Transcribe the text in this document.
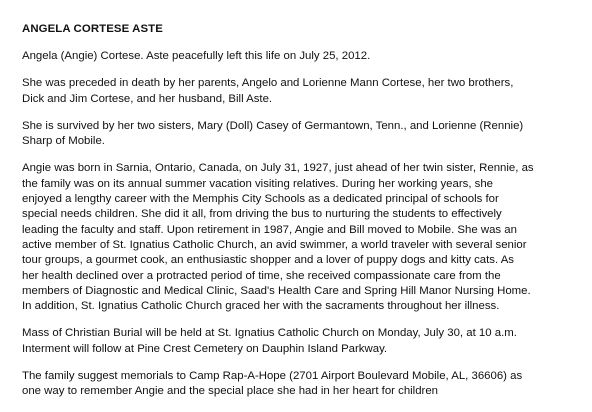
ANGELA CORTESE ASTE

Angela (Angie) Cortese. Aste peacefully left this life on July 25, 2012.

She was preceded in death by her parents, Angelo and Lorienne Mann Cortese, her two brothers,
Dick and Jim Cortese, and her husband, Bill Aste.

She is survived by her two sisters, Mary (Doll) Casey of Germantown, Tenn., and Lorienne (Rennie)
Sharp of Mobile.

Angie was born in Sarnia, Ontario, Canada, on July 31, 1927, just ahead of her twin sister, Rennie, as
the family was on its annual summer vacation visiting relatives. During her working years, she
enjoyed a lengthy career with the Memphis City Schools as a dedicated principal of schools for
special needs children. She did it all, from driving the bus to nurturing the students to effectively
leading the faculty and staff. Upon retirement in 1987, Angie and Bill moved to Mobile. She was an
active member of St. Ignatius Catholic Church, an avid swimmer, a world traveler with several senior
tour groups, a gourmet cook, an enthusiastic shopper and a lover of puppy dogs and kitty cats. As
her health declined over a protracted period of time, she received compassionate care from the
members of Diagnostic and Medical Clinic, Saad's Health Care and Spring Hill Manor Nursing Home.
In addition, St. Ignatius Catholic Church graced her with the sacraments throughout her illness.

Mass of Christian Burial will be held at St. Ignatius Catholic Church on Monday, July 30, at 10 a.m.
Interment will follow at Pine Crest Cemetery on Dauphin Island Parkway.

The family suggest memorials to Camp Rap-A-Hope (2701 Airport Boulevard Mobile, AL, 36606) as
one way to remember Angie and the special place she had in her heart for children
